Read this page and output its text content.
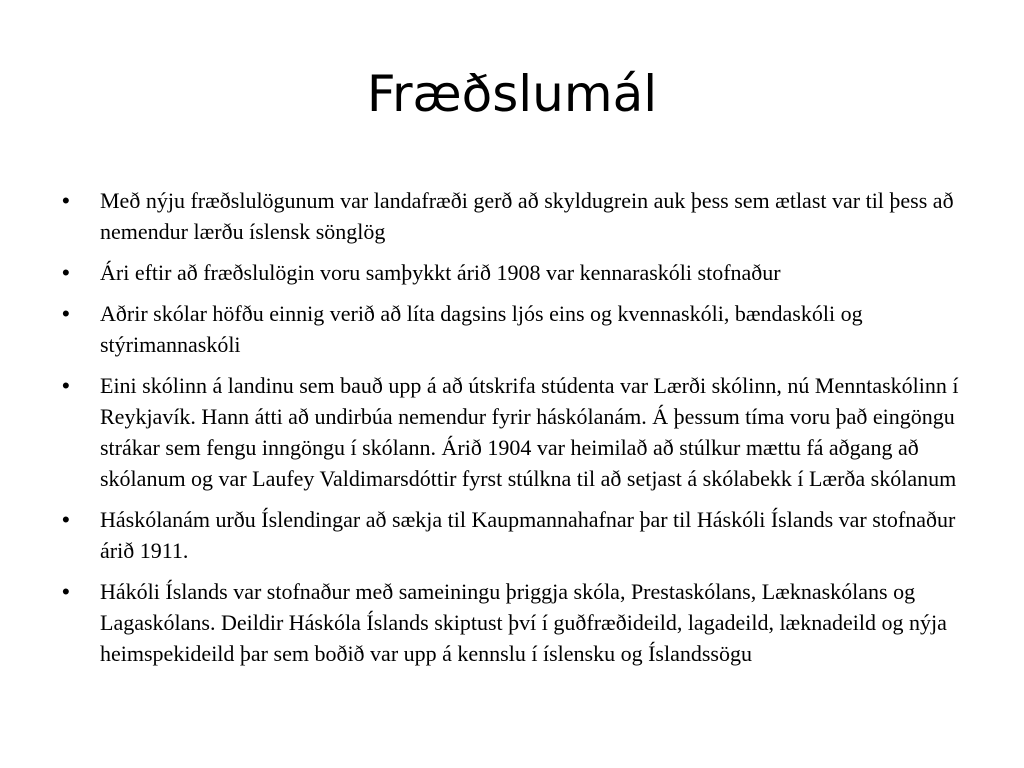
Fræðslumál
• Með nýju fræðslulögunum var landafræði gerð að skyldugrein auk þess sem ætlast var til þess að nemendur lærðu íslensk sönglög
• Ári eftir að fræðslulögin voru samþykkt árið 1908 var kennaraskóli stofnaður
• Aðrir skólar höfðu einnig verið að líta dagsins ljós eins og kvennaskóli, bændaskóli og stýrimannaskóli
• Eini skólinn á landinu sem bauð upp á að útskrifa stúdenta var Lærði skólinn, nú Menntaskólinn í Reykjavík. Hann átti að undirbúa nemendur fyrir háskólanám. Á þessum tíma voru það eingöngu strákar sem fengu inngöngu í skólann. Árið 1904 var heimilað að stúlkur mættu fá aðgang að skólanum og var Laufey Valdimarsdóttir fyrst stúlkna til að setjast á skólabekk í Lærða skólanum
• Háskólanám urðu Íslendingar að sækja til Kaupmannahafnar þar til Háskóli Íslands var stofnaður árið 1911.
• Hákóli Íslands var stofnaður með sameiningu þriggja skóla, Prestaskólans, Læknaskólans og Lagaskólans. Deildir Háskóla Íslands skiptust því í guðfræðideild, lagadeild, læknadeild og nýja heimspekideild þar sem boðið var upp á kennslu í íslensku og Íslandssögu
